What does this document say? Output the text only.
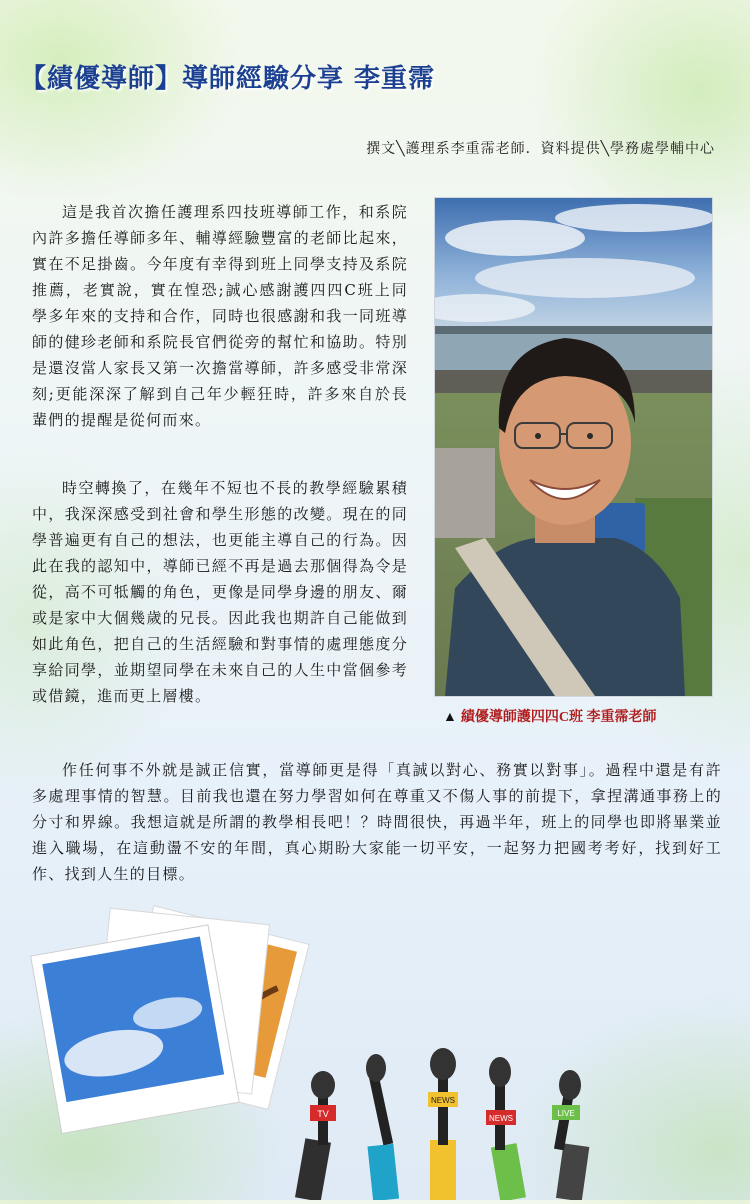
【績優導師】導師經驗分享 李重霈
撰文╲護理系李重霈老師．資料提供╲學務處學輔中心

這是我首次擔任護理系四技班導師工作，和系院內許多擔任導師多年、輔導經驗豐富的老師比起來，實在不足掛齒。今年度有幸得到班上同學支持及系院推薦，老實說，實在惶恐;誠心感謝護四四C班上同學多年來的支持和合作，同時也很感謝和我一同班導師的健珍老師和系院長官們從旁的幫忙和協助。特別是還沒當人家長又第一次擔當導師，許多感受非常深刻;更能深深了解到自己年少輕狂時，許多來自於長輩們的提醒是從何而來。

時空轉換了，在幾年不短也不長的教學經驗累積中，我深深感受到社會和學生形態的改變。現在的同學普遍更有自己的想法，也更能主導自己的行為。因此在我的認知中，導師已經不再是過去那個得為令是從，高不可牴觸的角色，更像是同學身邊的朋友、爾或是家中大個幾歲的兄長。因此我也期許自己能做到如此角色，把自己的生活經驗和對事情的處理態度分享給同學，並期望同學在未來自己的人生中當個參考或借鏡，進而更上層樓。

▲ 績優導師護四四C班 李重霈老師

作任何事不外就是誠正信實，當導師更是得「真誠以對心、務實以對事」。過程中還是有許多處理事情的智慧。目前我也還在努力學習如何在尊重又不傷人事的前提下，拿捏溝通事務上的分寸和界線。我想這就是所謂的教學相長吧！？時間很快，再過半年，班上的同學也即將畢業並進入職場，在這動盪不安的年間，真心期盼大家能一切平安，一起努力把國考考好，找到好工作、找到人生的目標。

TV
NEWS
NEWS
LIVE
